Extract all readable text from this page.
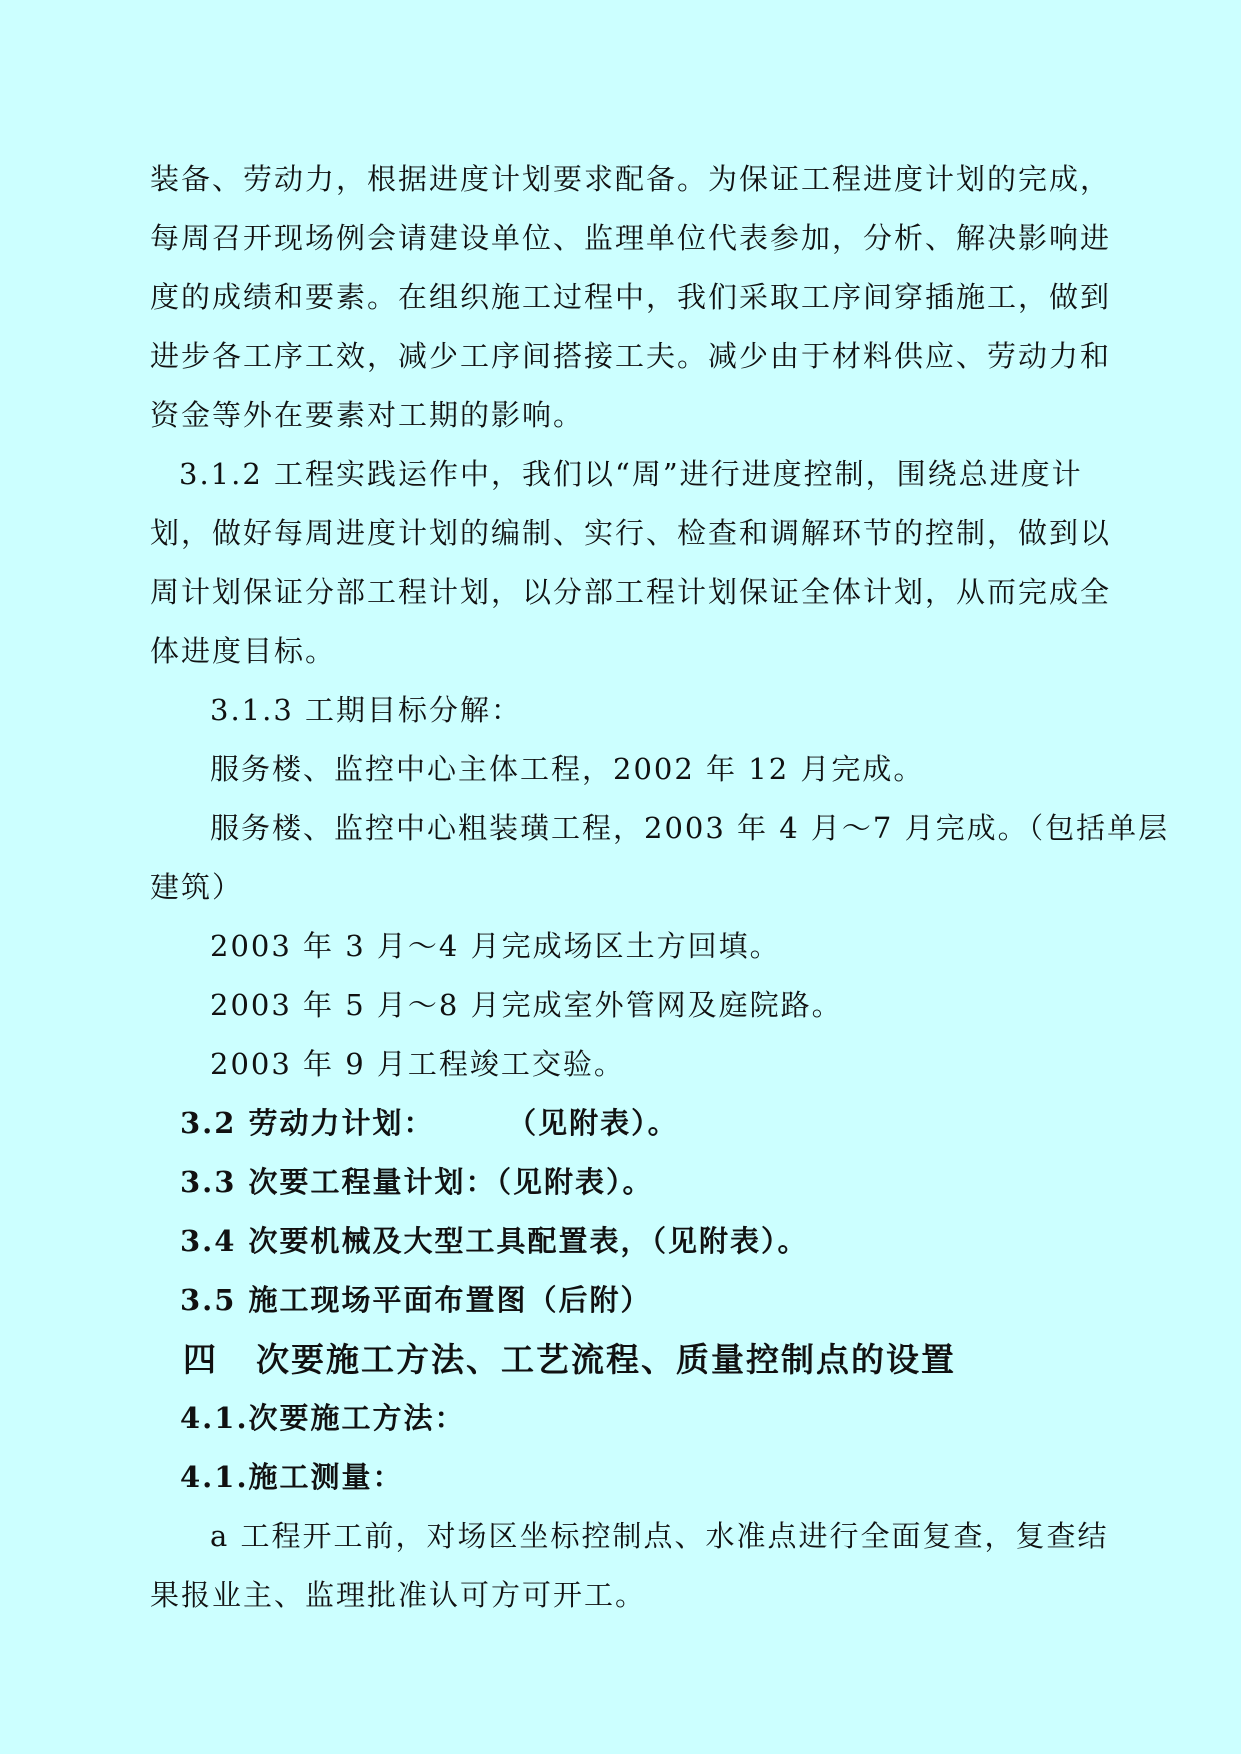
装备、劳动力，根据进度计划要求配备。为保证工程进度计划的完成，
每周召开现场例会请建设单位、监理单位代表参加，分析、解决影响进
度的成绩和要素。在组织施工过程中，我们采取工序间穿插施工，做到
进步各工序工效，减少工序间搭接工夫。减少由于材料供应、劳动力和
资金等外在要素对工期的影响。
3.1.2 工程实践运作中，我们以“周”进行进度控制，围绕总进度计
划，做好每周进度计划的编制、实行、检查和调解环节的控制，做到以
周计划保证分部工程计划，以分部工程计划保证全体计划，从而完成全
体进度目标。
3.1.3 工期目标分解：
服务楼、监控中心主体工程，2002 年 12 月完成。
服务楼、监控中心粗装璜工程，2003 年 4 月～7 月完成。（包括单层
建筑）
2003 年 3 月～4 月完成场区土方回填。
2003 年 5 月～8 月完成室外管网及庭院路。
2003 年 9 月工程竣工交验。
3.2 劳动力计划：      （见附表）。
3.3 次要工程量计划：（见附表）。
3.4 次要机械及大型工具配置表，（见附表）。
3.5 施工现场平面布置图（后附）
四 次要施工方法、工艺流程、质量控制点的设置
4.1.次要施工方法：
4.1.施工测量：
a 工程开工前，对场区坐标控制点、水准点进行全面复查，复查结
果报业主、监理批准认可方可开工。
